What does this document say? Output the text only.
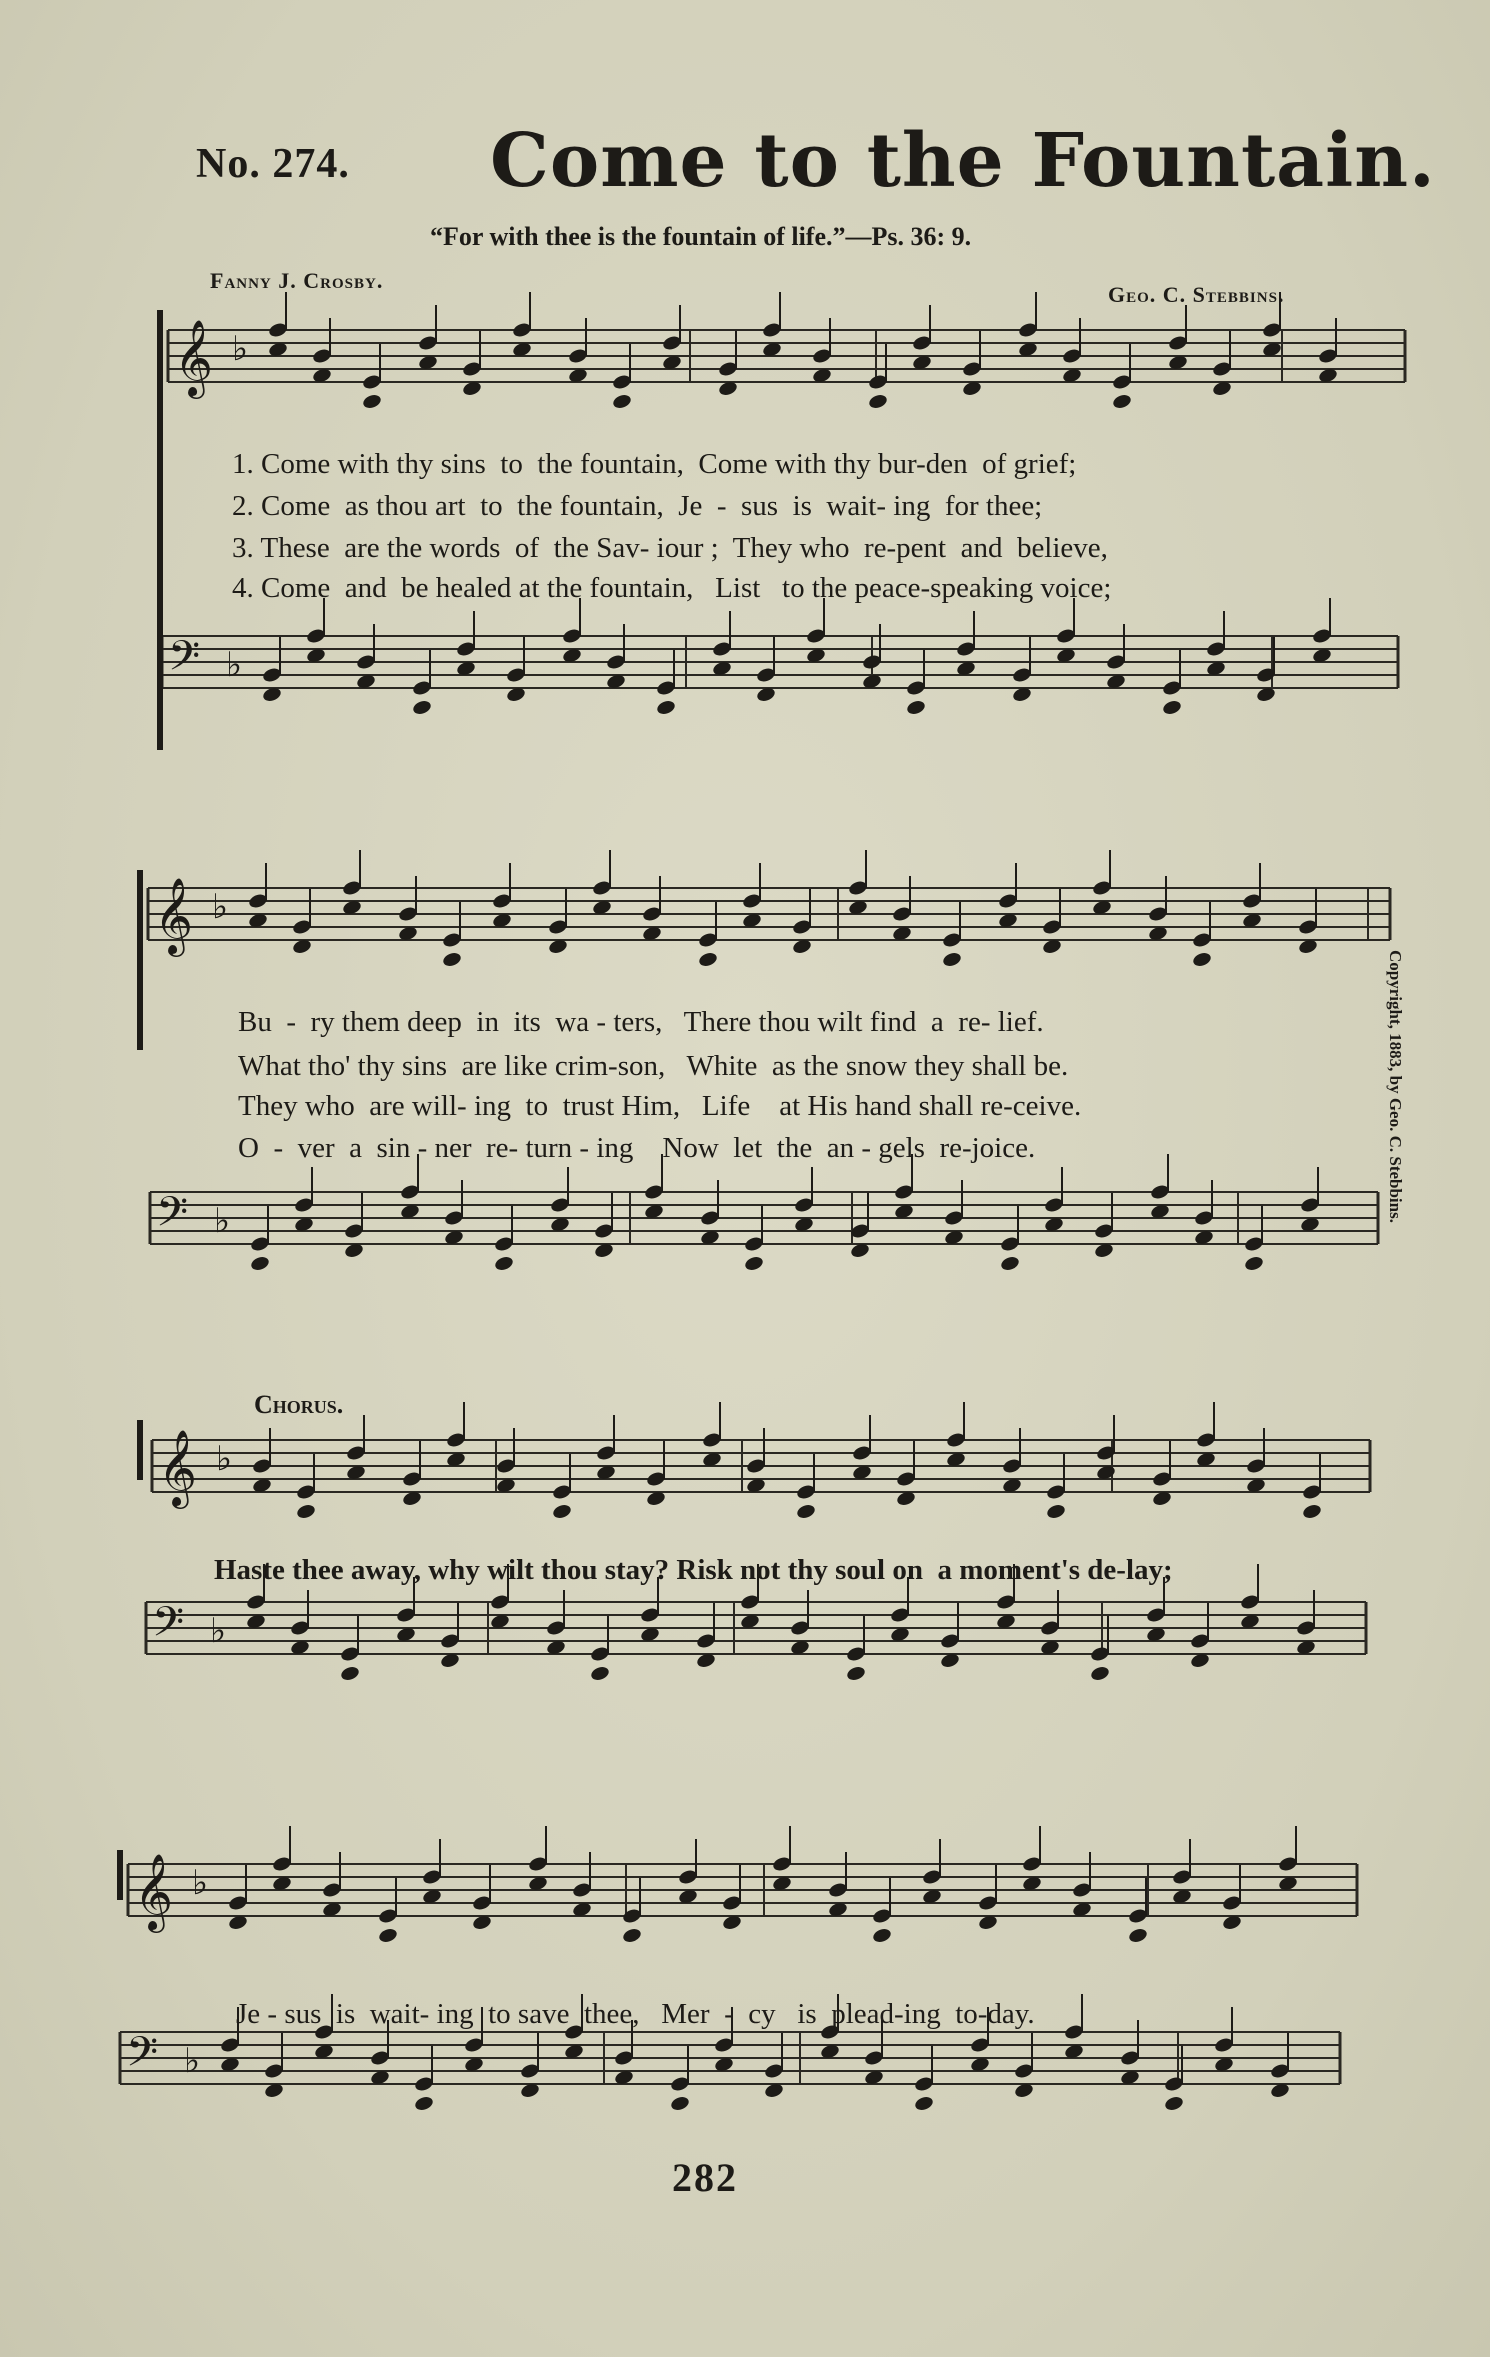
No. 274. Come to the Fountain.
“For with thee is the fountain of life.”—Ps. 36: 9.
Fanny J. Crosby.
Geo. C. Stebbins.
𝄞 ♭
𝄢 ♭
𝄞 ♭
𝄢 ♭
𝄞 ♭
𝄢 ♭
𝄞 ♭
𝄢 ♭
1. Come with thy sins  to  the fountain,  Come with thy bur-den  of grief;
2. Come  as thou art  to  the fountain,  Je  -  sus  is  wait- ing  for thee;
3. These  are the words  of  the Sav- iour ;  They who  re-pent  and  believe,
4. Come  and  be healed at the fountain,   List   to the peace-speaking voice;
Bu  -  ry them deep  in  its  wa - ters,   There thou wilt find  a  re- lief.
What tho' thy sins  are like crim-son,   White  as the snow they shall be.
They who  are will- ing  to  trust Him,   Life    at His hand shall re-ceive.
O  -  ver  a  sin - ner  re- turn - ing    Now  let  the  an - gels  re-joice.
Chorus.
Haste thee away, why wilt thou stay? Risk not thy soul on  a moment's de-lay;
Je - sus  is  wait- ing  to save  thee,   Mer  -  cy   is  plead-ing  to-day.
Copyright, 1883, by Geo. C. Stebbins.
282
